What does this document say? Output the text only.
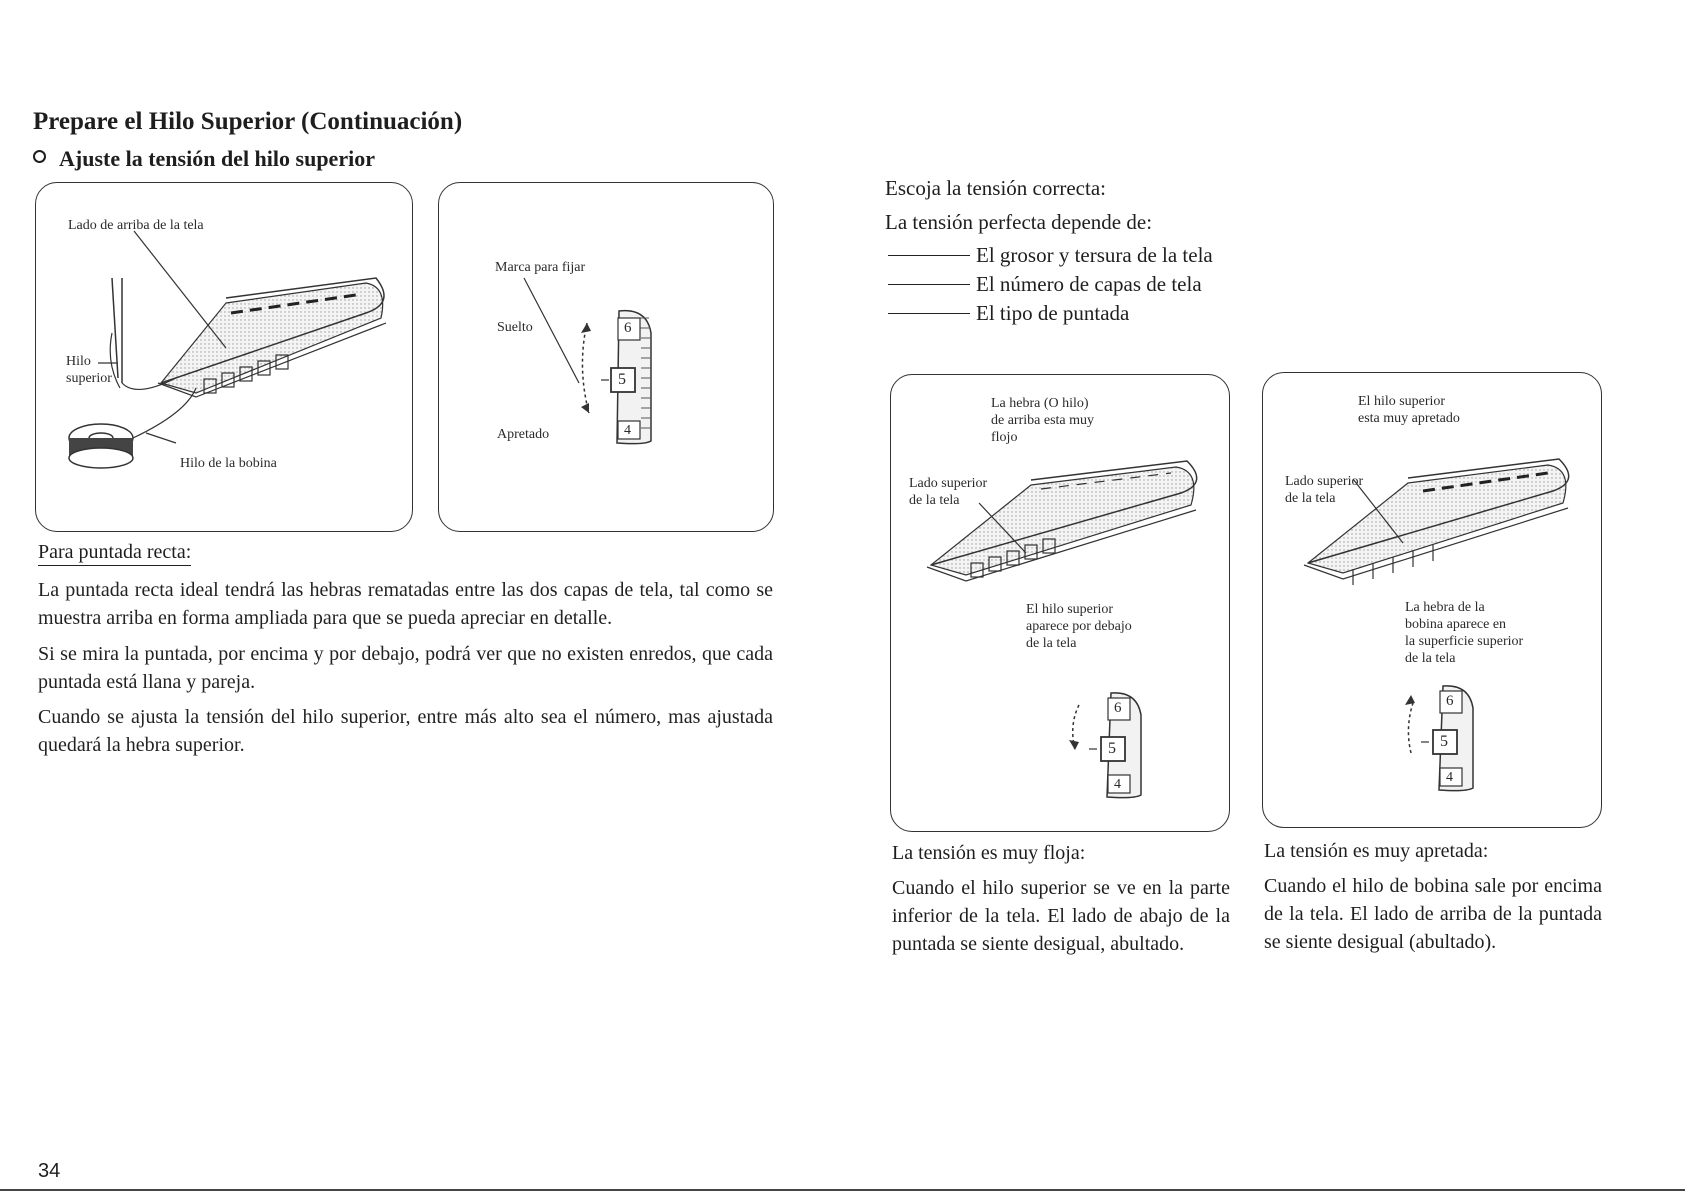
Prepare el Hilo Superior (Continuación)
Ajuste la tensión del hilo superior
Lado de arriba de la tela
Hilo
superior
Hilo de la bobina
6
5
4
Marca para fijar
Suelto
Apretado
Para puntada recta:
La puntada recta ideal tendrá las hebras rematadas entre las dos capas de tela, tal como se muestra arriba en forma ampliada para que se pueda apreciar en detalle.
Si se mira la puntada, por encima y por debajo, podrá ver que no existen enredos, que cada puntada está llana y pareja.
Cuando se ajusta la tensión del hilo superior, entre más alto sea el número, mas ajustada quedará la hebra superior.
Escoja la tensión correcta:
La tensión perfecta depende de:
El grosor y tersura de la tela
El número de capas de tela
El tipo de puntada
6
5
4
La hebra (O hilo)
de arriba esta muy
flojo
Lado superior
de la tela
El hilo superior
aparece por debajo
de la tela
6
5
4
El hilo superior
esta muy apretado
Lado superior
de la tela
La hebra de la
bobina aparece en
la superficie superior
de la tela
La tensión es muy floja:
Cuando el hilo superior se ve en la parte inferior de la tela. El lado de abajo de la puntada se siente desigual, abultado.
La tensión es muy apretada:
Cuando el hilo de bobina sale por encima de la tela. El lado de arriba de la puntada se siente desigual (abultado).
34
